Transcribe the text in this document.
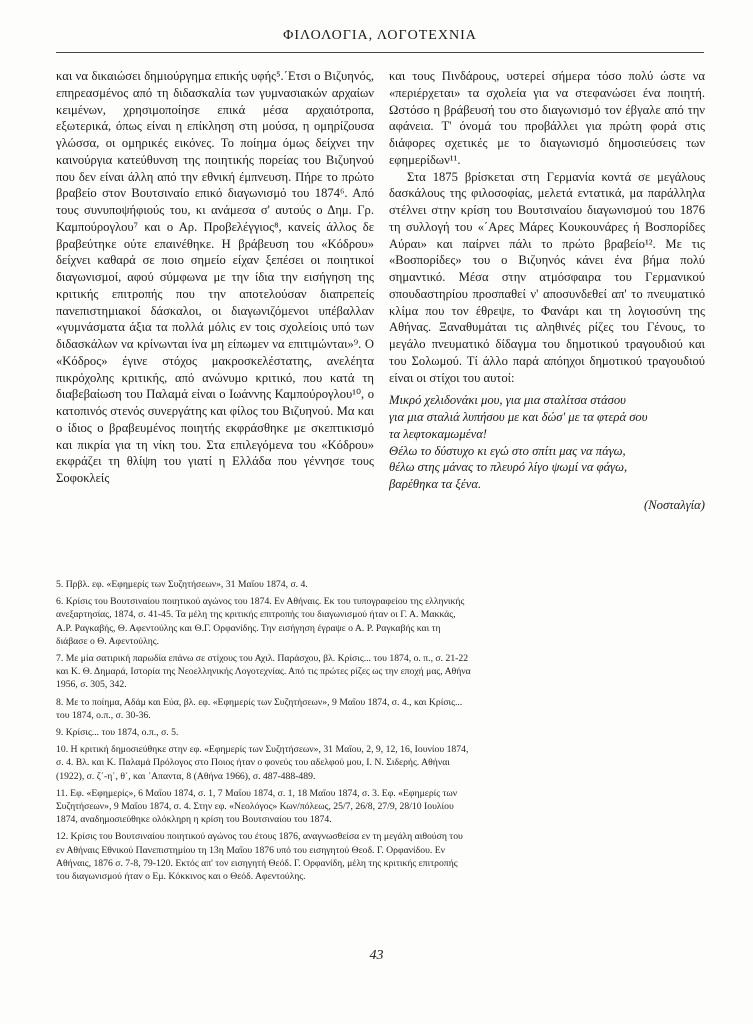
ΦΙΛΟΛΟΓΙΑ, ΛΟΓΟΤΕΧΝΙΑ

και να δικαιώσει δημιούργημα επικής υφής⁵.΄Ετσι ο Βιζυηνός, επηρεασμένος από τη διδασκαλία των γυμνασιακών αρχαίων κειμένων, χρησιμοποίησε επικά μέσα αρχαιότροπα, εξωτερικά, όπως είναι η επίκληση στη μούσα, η ομηρίζουσα γλώσσα, οι ομηρικές εικόνες. Το ποίημα όμως δείχνει την καινούργια κατεύθυνση της ποιητικής πορείας του Βιζυηνού που δεν είναι άλλη από την εθνική έμπνευση. Πήρε το πρώτο βραβείο στον Βουτσιναίο επικό διαγωνισμό του 1874⁶. Από τους συνυποψήφιούς του, κι ανάμεσα σ' αυτούς ο Δημ. Γρ. Καμπούρογλου⁷ και ο Αρ. Προβελέγγιος⁸, κανείς άλλος δε βραβεύτηκε ούτε επαινέθηκε. Η βράβευση του «Κόδρου» δείχνει καθαρά σε ποιο σημείο είχαν ξεπέσει οι ποιητικοί διαγωνισμοί, αφού σύμφωνα με την ίδια την εισήγηση της κριτικής επιτροπής που την αποτελούσαν διαπρεπείς πανεπιστημιακοί δάσκαλοι, οι διαγωνιζόμενοι υπέβαλλαν «γυμνάσματα άξια τα πολλά μόλις εν τοις σχολείοις υπό των διδασκάλων να κρίνωνται ίνα μη είπωμεν να επιτιμώνται»⁹. Ο «Κόδρος» έγινε στόχος μακροσκελέστατης, ανελέητα πικρόχολης κριτικής, από ανώνυμο κριτικό, που κατά τη διαβεβαίωση του Παλαμά είναι ο Ιωάννης Καμπούρογλου¹⁰, ο κατοπινός στενός συνεργάτης και φίλος του Βιζυηνού. Μα και ο ίδιος ο βραβευμένος ποιητής εκφράσθηκε με σκεπτικισμό και πικρία για τη νίκη του. Στα επιλεγόμενα του «Κόδρου» εκφράζει τη θλίψη του γιατί η Ελλάδα που γέννησε τους Σοφοκλείς

και τους Πινδάρους, υστερεί σήμερα τόσο πολύ ώστε να «περιέρχεται» τα σχολεία για να στεφανώσει ένα ποιητή. Ωστόσο η βράβευσή του στο διαγωνισμό τον έβγαλε από την αφάνεια. Τ' όνομά του προβάλλει για πρώτη φορά στις διάφορες σχετικές με το διαγωνισμό δημοσιεύσεις των εφημερίδων¹¹.

Στα 1875 βρίσκεται στη Γερμανία κοντά σε μεγάλους δασκάλους της φιλοσοφίας, μελετά εντατικά, μα παράλληλα στέλνει στην κρίση του Βουτσιναίου διαγωνισμού του 1876 τη συλλογή του «΄Αρες Μάρες Κουκουνάρες ή Βοσπορίδες Αύραι» και παίρνει πάλι το πρώτο βραβείο¹². Με τις «Βοσπορίδες» του ο Βιζυηνός κάνει ένα βήμα πολύ σημαντικό. Μέσα στην ατμόσφαιρα του Γερμανικού σπουδαστηρίου προσπαθεί ν' αποσυνδεθεί απ' το πνευματικό κλίμα που τον έθρεψε, το Φανάρι και τη λογιοσύνη της Αθήνας. Ξαναθυμάται τις αληθινές ρίζες του Γένους, το μεγάλο πνευματικό δίδαγμα του δημοτικού τραγουδιού και του Σολωμού. Τί άλλο παρά απόηχοι δημοτικού τραγουδιού είναι οι στίχοι του αυτοί:

Μικρό χελιδονάκι μου, για μια σταλίτσα στάσου
για μια σταλιά λυπήσου με και δώσ' με τα φτερά σου
τα λεφτοκαμωμένα!
Θέλω το δύστυχο κι εγώ στο σπίτι μας να πάγω,
θέλω στης μάνας το πλευρό λίγο ψωμί να φάγω,
βαρέθηκα τα ξένα.
(Νοσταλγία)

5. Πρβλ. εφ. «Εφημερίς των Συζητήσεων», 31 Μαΐου 1874, σ. 4.

6. Κρίσις του Βουτσιναίου ποιητικού αγώνος του 1874. Εν Αθήναις. Εκ του τυπογραφείου της ελληνικής ανεξαρτησίας, 1874, σ. 41-45. Τα μέλη της κριτικής επιτροπής του διαγωνισμού ήταν οι Γ. Α. Μακκάς, Α.Ρ. Ραγκαβής, Θ. Αφεντούλης και Θ.Γ. Ορφανίδης. Την εισήγηση έγραψε ο Α. Ρ. Ραγκαβής και τη διάβασε ο Θ. Αφεντούλης.

7. Με μία σατιρική παρωδία επάνω σε στίχους του Αχιλ. Παράσχου, βλ. Κρίσις... του 1874, ο. π., σ. 21-22 και Κ. Θ. Δημαρά, Ιστορία της Νεοελληνικής Λογοτεχνίας. Από τις πρώτες ρίζες ως την εποχή μας, Αθήνα 1956, σ. 305, 342.

8. Με το ποίημα, Αδάμ και Εύα, βλ. εφ. «Εφημερίς των Συζητήσεων», 9 Μαΐου 1874, σ. 4., και Κρίσις... του 1874, ο.π., σ. 30-36.

9. Κρίσις... του 1874, ο.π., σ. 5.

10. Η κριτική δημοσιεύθηκε στην εφ. «Εφημερίς των Συζητήσεων», 31 Μαΐου, 2, 9, 12, 16, Ιουνίου 1874, σ. 4. Βλ. και Κ. Παλαμά Πρόλογος στο Ποιος ήταν ο φονεύς του αδελφού μου, Ι. Ν. Σιδερής. Αθήναι (1922), σ. ζ΄-η΄, θ΄, και ΄Απαντα, 8 (Αθήνα 1966), σ. 487-488-489.

11. Εφ. «Εφημερίς», 6 Μαΐου 1874, σ. 1, 7 Μαΐου 1874, σ. 1, 18 Μαΐου 1874, σ. 3. Εφ. «Εφημερίς των Συζητήσεων», 9 Μαΐου 1874, σ. 4. Στην εφ. «Νεολόγος» Κων/πόλεως, 25/7, 26/8, 27/9, 28/10 Ιουλίου 1874, αναδημοσιεύθηκε ολόκληρη η κρίση του Βουτσιναίου του 1874.

12. Κρίσις του Βουτσιναίου ποιητικού αγώνος του έτους 1876, αναγνωσθείσα εν τη μεγάλη αιθούση του εν Αθήναις Εθνικού Πανεπιστημίου τη 13η Μαΐου 1876 υπό του εισηγητού Θεοδ. Γ. Ορφανίδου. Εν Αθήναις, 1876 σ. 7-8, 79-120. Εκτός απ' τον εισηγητή Θεόδ. Γ. Ορφανίδη, μέλη της κριτικής επιτροπής του διαγωνισμού ήταν ο Εμ. Κόκκινος και ο Θεόδ. Αφεντούλης.

43
